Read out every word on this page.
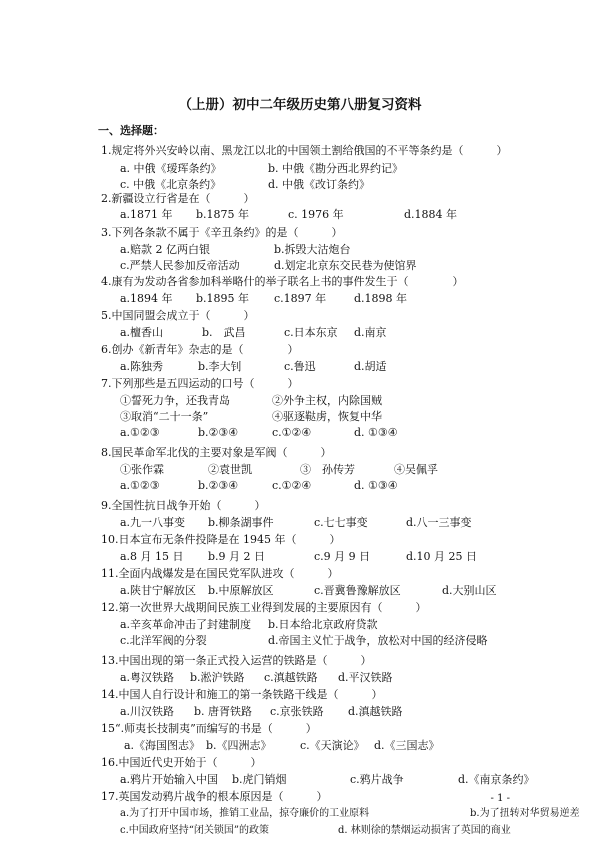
（上册）初中二年级历史第八册复习资料
一、选择题：
1.规定将外兴安岭以南、黑龙江以北的中国领土割给俄国的不平等条约是（　　　）
a. 中俄《瑷珲条约》	b. 中俄《勘分西北界约记》
c. 中俄《北京条约》	d. 中俄《改订条约》
2.新疆设立行省是在（　　　）
a.1871 年 b.1875 年	c. 1976 年	d.1884 年
3.下列各条款不属于《辛丑条约》的是（　　　）
a.赔款 2 亿两白银	b.拆毁大沽炮台
c.严禁人民参加反帝活动	d.划定北京东交民巷为使馆界
4.康有为发动各省参加科举略什的举子联名上书的事件发生于（　　　　）
a.1894 年 b.1895 年 c.1897 年	d.1898 年
5.中国同盟会成立于（　　　）
a.檀香山	b.　武昌	c.日本东京 d.南京
6.创办《新青年》杂志的是（　　　　）
a.陈独秀	b.李大钊	c.鲁迅	d.胡适
7.下列那些是五四运动的口号（　　　）
①誓死力争，还我青岛	②外争主权，内除国贼
③取消“二十一条”	④驱逐鞑虏，恢复中华
a.①②③	b.②③④	c.①②④	d. ①③④
8.国民革命军北伐的主要对象是军阀（　　　）
①张作霖	②袁世凯	③　孙传芳	④吴佩孚
a.①②③	b.②③④	c.①②④	d. ①③④
9.全国性抗日战争开始（　　　）
a.九一八事变 b.柳条湖事件	c.七七事变	d.八一三事变
10.日本宣布无条件投降是在 1945 年（　　　）
a.8 月 15 日 b.9 月 2 日	c.9 月 9 日	d.10 月 25 日
11.全面内战爆发是在国民党军队进攻（　　　）
a.陕甘宁解放区 b.中原解放区	c.晋冀鲁豫解放区	d.大别山区
12.第一次世界大战期间民族工业得到发展的主要原因有（　　　）
a.辛亥革命冲击了封建制度 b.日本给北京政府贷款
c.北洋军阀的分裂	d.帝国主义忙于战争，放松对中国的经济侵略
13.中国出现的第一条正式投入运营的铁路是（　　　）
a.粤汉铁路 b.淞沪铁路 c.滇越铁路 d.平汉铁路
14.中国人自行设计和施工的第一条铁路干线是（　　　）
a.川汉铁路 b. 唐胥铁路 c.京张铁路 d.滇越铁路
15“.师夷长技制夷”而编写的书是（　　　）
a.《海国图志》 b.《四洲志》	c.《天演论》 d.《三国志》
16.中国近代史开始于（　　　）
a.鸦片开始输入中国 b.虎门销烟	c.鸦片战争	d.《南京条约》
17.英国发动鸦片战争的根本原因是（　　　）
a.为了打开中国市场，推销工业品，掠夺廉价的工业原料	b.为了扭转对华贸易逆差
c.中国政府坚持“闭关锁国”的政策	d. 林则徐的禁烟运动损害了英国的商业
- 1 -
